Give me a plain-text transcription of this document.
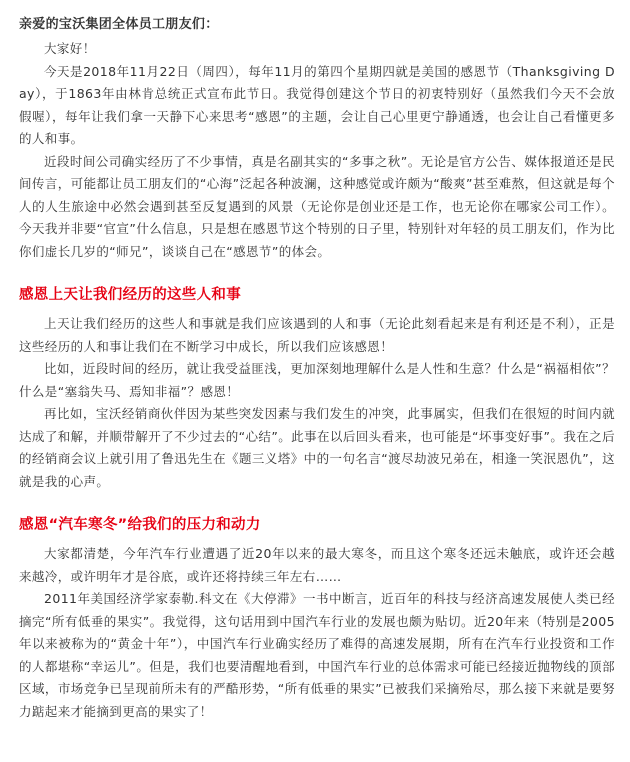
亲爱的宝沃集团全体员工朋友们：

大家好！

今天是2018年11月22日（周四），每年11月的第四个星期四就是美国的感恩节（Thanksgiving Day），于1863年由林肯总统正式宣布此节日。我觉得创建这个节日的初衷特别好（虽然我们今天不会放假喔），每年让我们拿一天静下心来思考“感恩”的主题，会让自己心里更宁静通透，也会让自己看懂更多的人和事。

近段时间公司确实经历了不少事情，真是名副其实的“多事之秋”。无论是官方公告、媒体报道还是民间传言，可能都让员工朋友们的“心海”泛起各种波澜，这种感觉或许颇为“酸爽”甚至难熬，但这就是每个人的人生旅途中必然会遇到甚至反复遇到的风景（无论你是创业还是工作，也无论你在哪家公司工作）。今天我并非要“官宣”什么信息，只是想在感恩节这个特别的日子里，特别针对年轻的员工朋友们，作为比你们虚长几岁的“师兄”，谈谈自己在“感恩节”的体会。

感恩上天让我们经历的这些人和事

上天让我们经历的这些人和事就是我们应该遇到的人和事（无论此刻看起来是有利还是不利），正是这些经历的人和事让我们在不断学习中成长，所以我们应该感恩！

比如，近段时间的经历，就让我受益匪浅，更加深刻地理解什么是人性和生意？什么是“祸福相依”？什么是“塞翁失马、焉知非福”？感恩！

再比如，宝沃经销商伙伴因为某些突发因素与我们发生的冲突，此事属实，但我们在很短的时间内就达成了和解，并顺带解开了不少过去的“心结”。此事在以后回头看来，也可能是“坏事变好事”。我在之后的经销商会议上就引用了鲁迅先生在《题三义塔》中的一句名言“渡尽劫波兄弟在，相逢一笑泯恩仇”，这就是我的心声。

感恩“汽车寒冬”给我们的压力和动力

大家都清楚，今年汽车行业遭遇了近20年以来的最大寒冬，而且这个寒冬还远未触底，或许还会越来越冷，或许明年才是谷底，或许还将持续三年左右……

2011年美国经济学家泰勒.科文在《大停滞》一书中断言，近百年的科技与经济高速发展使人类已经摘完“所有低垂的果实”。我觉得，这句话用到中国汽车行业的发展也颇为贴切。近20年来（特别是2005年以来被称为的“黄金十年”），中国汽车行业确实经历了难得的高速发展期，所有在汽车行业投资和工作的人都堪称“幸运儿”。但是，我们也要清醒地看到，中国汽车行业的总体需求可能已经接近抛物线的顶部区域，市场竞争已呈现前所未有的严酷形势，“所有低垂的果实”已被我们采摘殆尽，那么接下来就是要努力踮起来才能摘到更高的果实了！
